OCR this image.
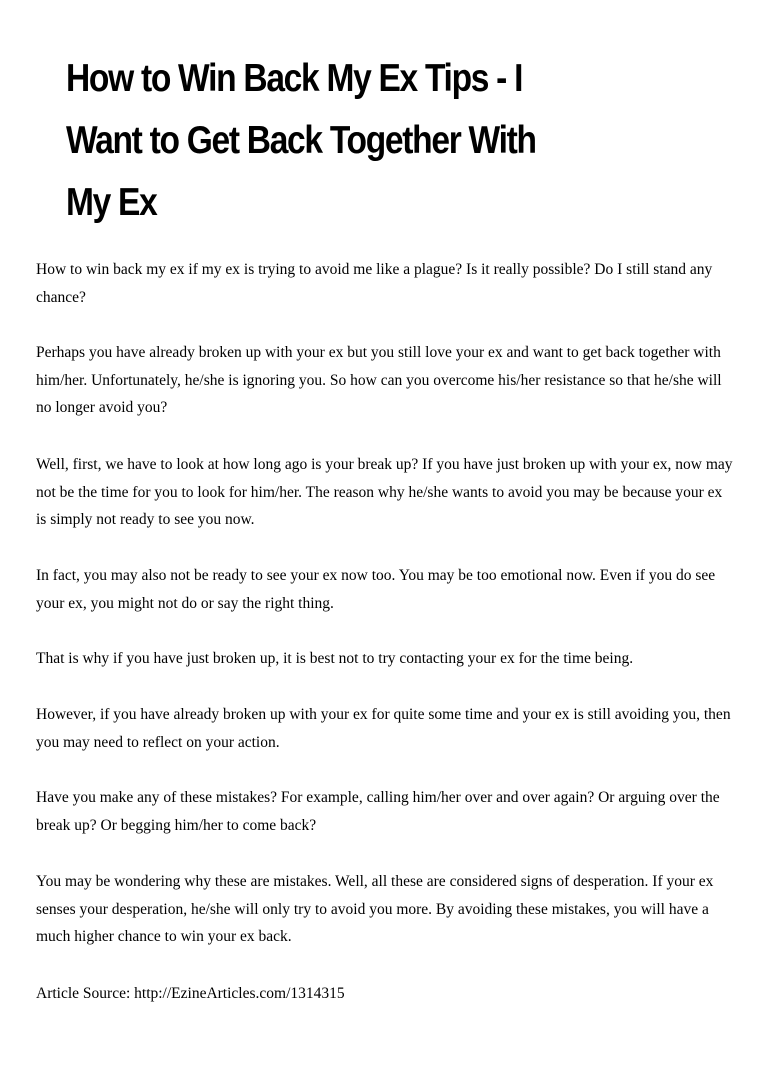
How to Win Back My Ex Tips - I
Want to Get Back Together With
My Ex

How to win back my ex if my ex is trying to avoid me like a plague? Is it really possible? Do I still stand any chance?

Perhaps you have already broken up with your ex but you still love your ex and want to get back together with him/her. Unfortunately, he/she is ignoring you. So how can you overcome his/her resistance so that he/she will no longer avoid you?

Well, first, we have to look at how long ago is your break up? If you have just broken up with your ex, now may not be the time for you to look for him/her. The reason why he/she wants to avoid you may be because your ex is simply not ready to see you now.

In fact, you may also not be ready to see your ex now too. You may be too emotional now. Even if you do see your ex, you might not do or say the right thing.

That is why if you have just broken up, it is best not to try contacting your ex for the time being.

However, if you have already broken up with your ex for quite some time and your ex is still avoiding you, then you may need to reflect on your action.

Have you make any of these mistakes? For example, calling him/her over and over again? Or arguing over the break up? Or begging him/her to come back?

You may be wondering why these are mistakes. Well, all these are considered signs of desperation. If your ex senses your desperation, he/she will only try to avoid you more. By avoiding these mistakes, you will have a much higher chance to win your ex back.

Article Source: http://EzineArticles.com/1314315
